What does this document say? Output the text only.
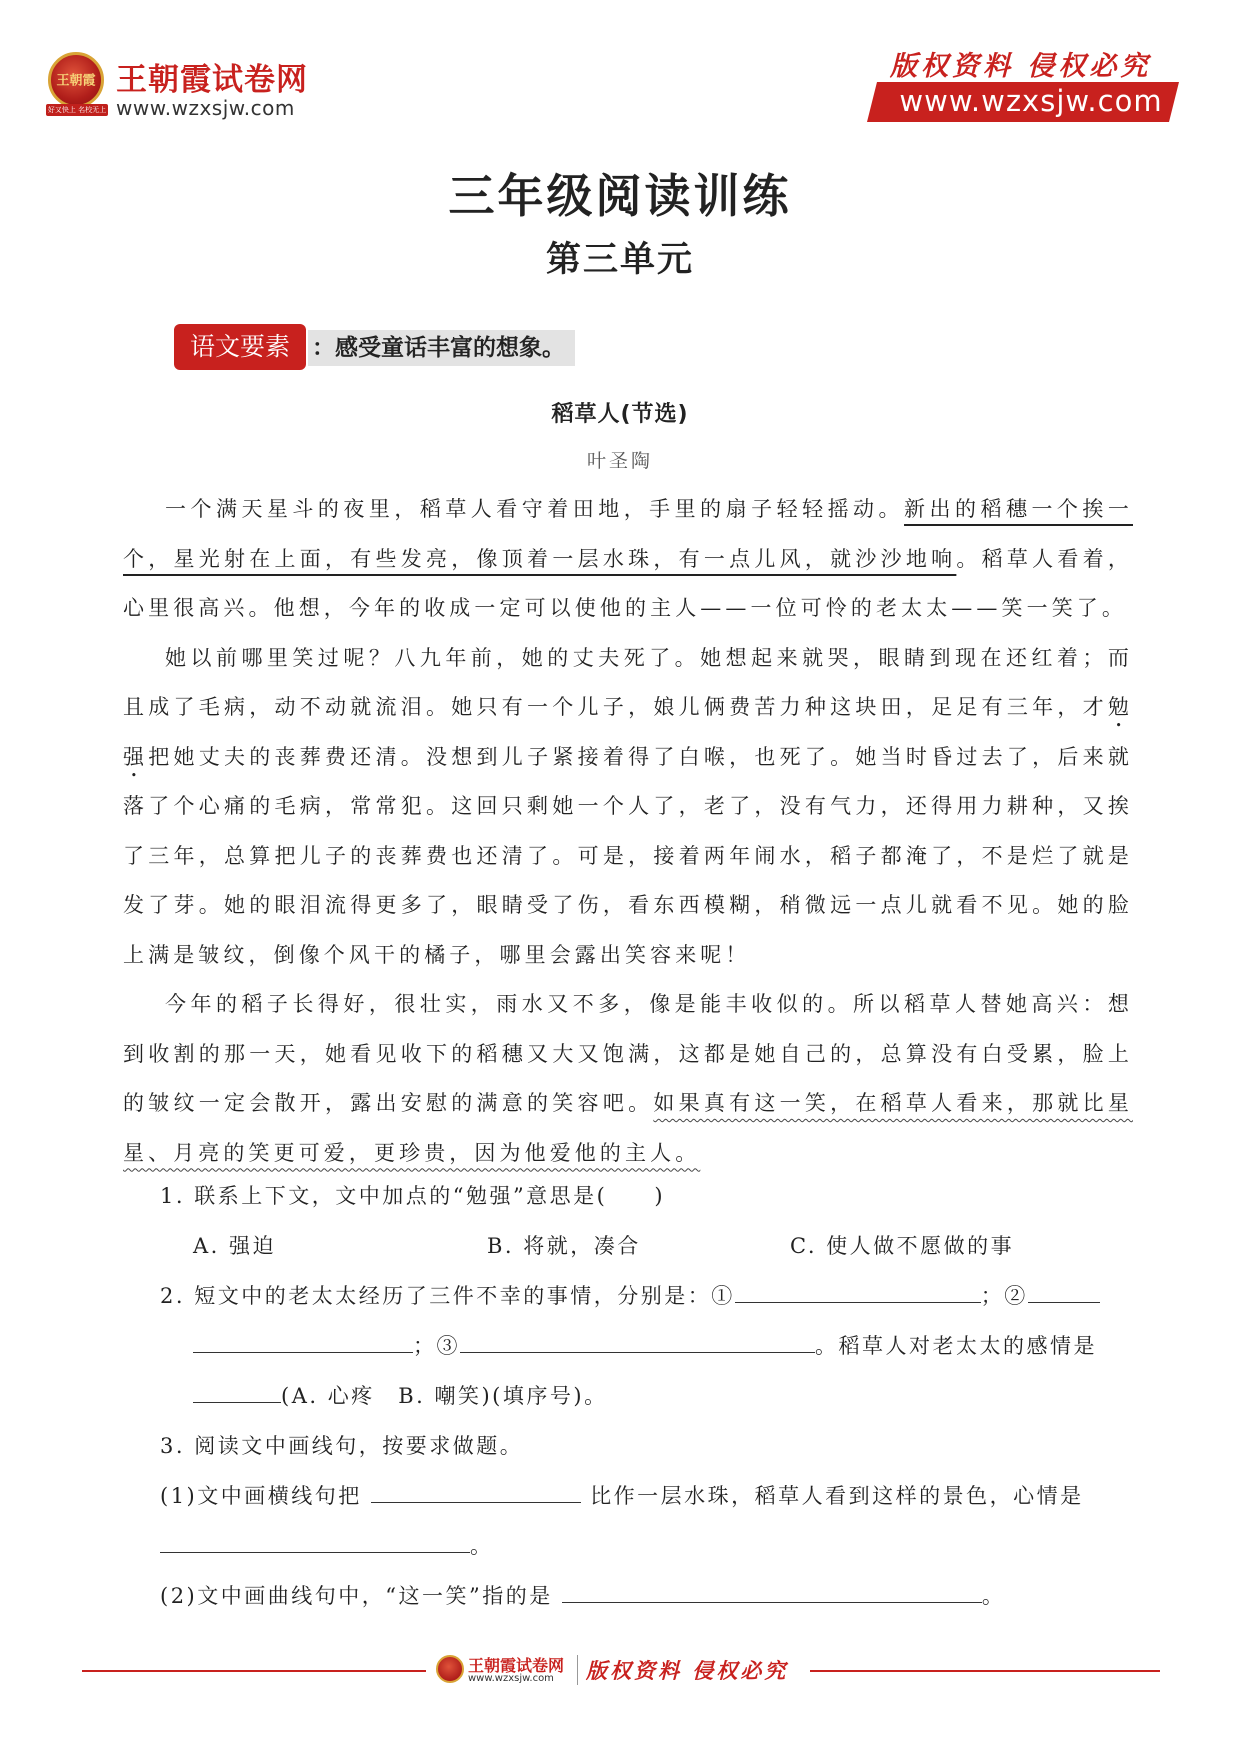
王朝霞
好又快上 名校无上
王朝霞试卷网
www.wzxsjw.com
版权资料 侵权必究
www.wzxsjw.com
三年级阅读训练
第三单元
语文要素 ：感受童话丰富的想象。
稻草人(节选)
叶圣陶

一个满天星斗的夜里，稻草人看守着田地，手里的扇子轻轻摇动。新出的稻穗一个挨一个，星光射在上面，有些发亮，像顶着一层水珠，有一点儿风，就沙沙地响。稻草人看着，心里很高兴。他想，今年的收成一定可以使他的主人——一位可怜的老太太——笑一笑了。

她以前哪里笑过呢？八九年前，她的丈夫死了。她想起来就哭，眼睛到现在还红着；而且成了毛病，动不动就流泪。她只有一个儿子，娘儿俩费苦力种这块田，足足有三年，才勉强把她丈夫的丧葬费还清。没想到儿子紧接着得了白喉，也死了。她当时昏过去了，后来就落了个心痛的毛病，常常犯。这回只剩她一个人了，老了，没有气力，还得用力耕种，又挨了三年，总算把儿子的丧葬费也还清了。可是，接着两年闹水，稻子都淹了，不是烂了就是发了芽。她的眼泪流得更多了，眼睛受了伤，看东西模糊，稍微远一点儿就看不见。她的脸上满是皱纹，倒像个风干的橘子，哪里会露出笑容来呢！

今年的稻子长得好，很壮实，雨水又不多，像是能丰收似的。所以稻草人替她高兴：想到收割的那一天，她看见收下的稻穗又大又饱满，这都是她自己的，总算没有白受累，脸上的皱纹一定会散开，露出安慰的满意的笑容吧。如果真有这一笑，在稻草人看来，那就比星星、月亮的笑更可爱，更珍贵，因为他爱他的主人。

1. 联系上下文，文中加点的“勉强”意思是(　　)
A. 强迫	B. 将就，凑合	C. 使人做不愿做的事
2. 短文中的老太太经历了三件不幸的事情，分别是：①	；②
；③	。稻草人对老太太的感情是
(A. 心疼　B. 嘲笑)(填序号)。
3. 阅读文中画线句，按要求做题。
(1)文中画横线句把	比作一层水珠，稻草人看到这样的景色，心情是
。
(2)文中画曲线句中，“这一笑”指的是	。
王朝霞试卷网
www.wzxsjw.com 版权资料 侵权必究
